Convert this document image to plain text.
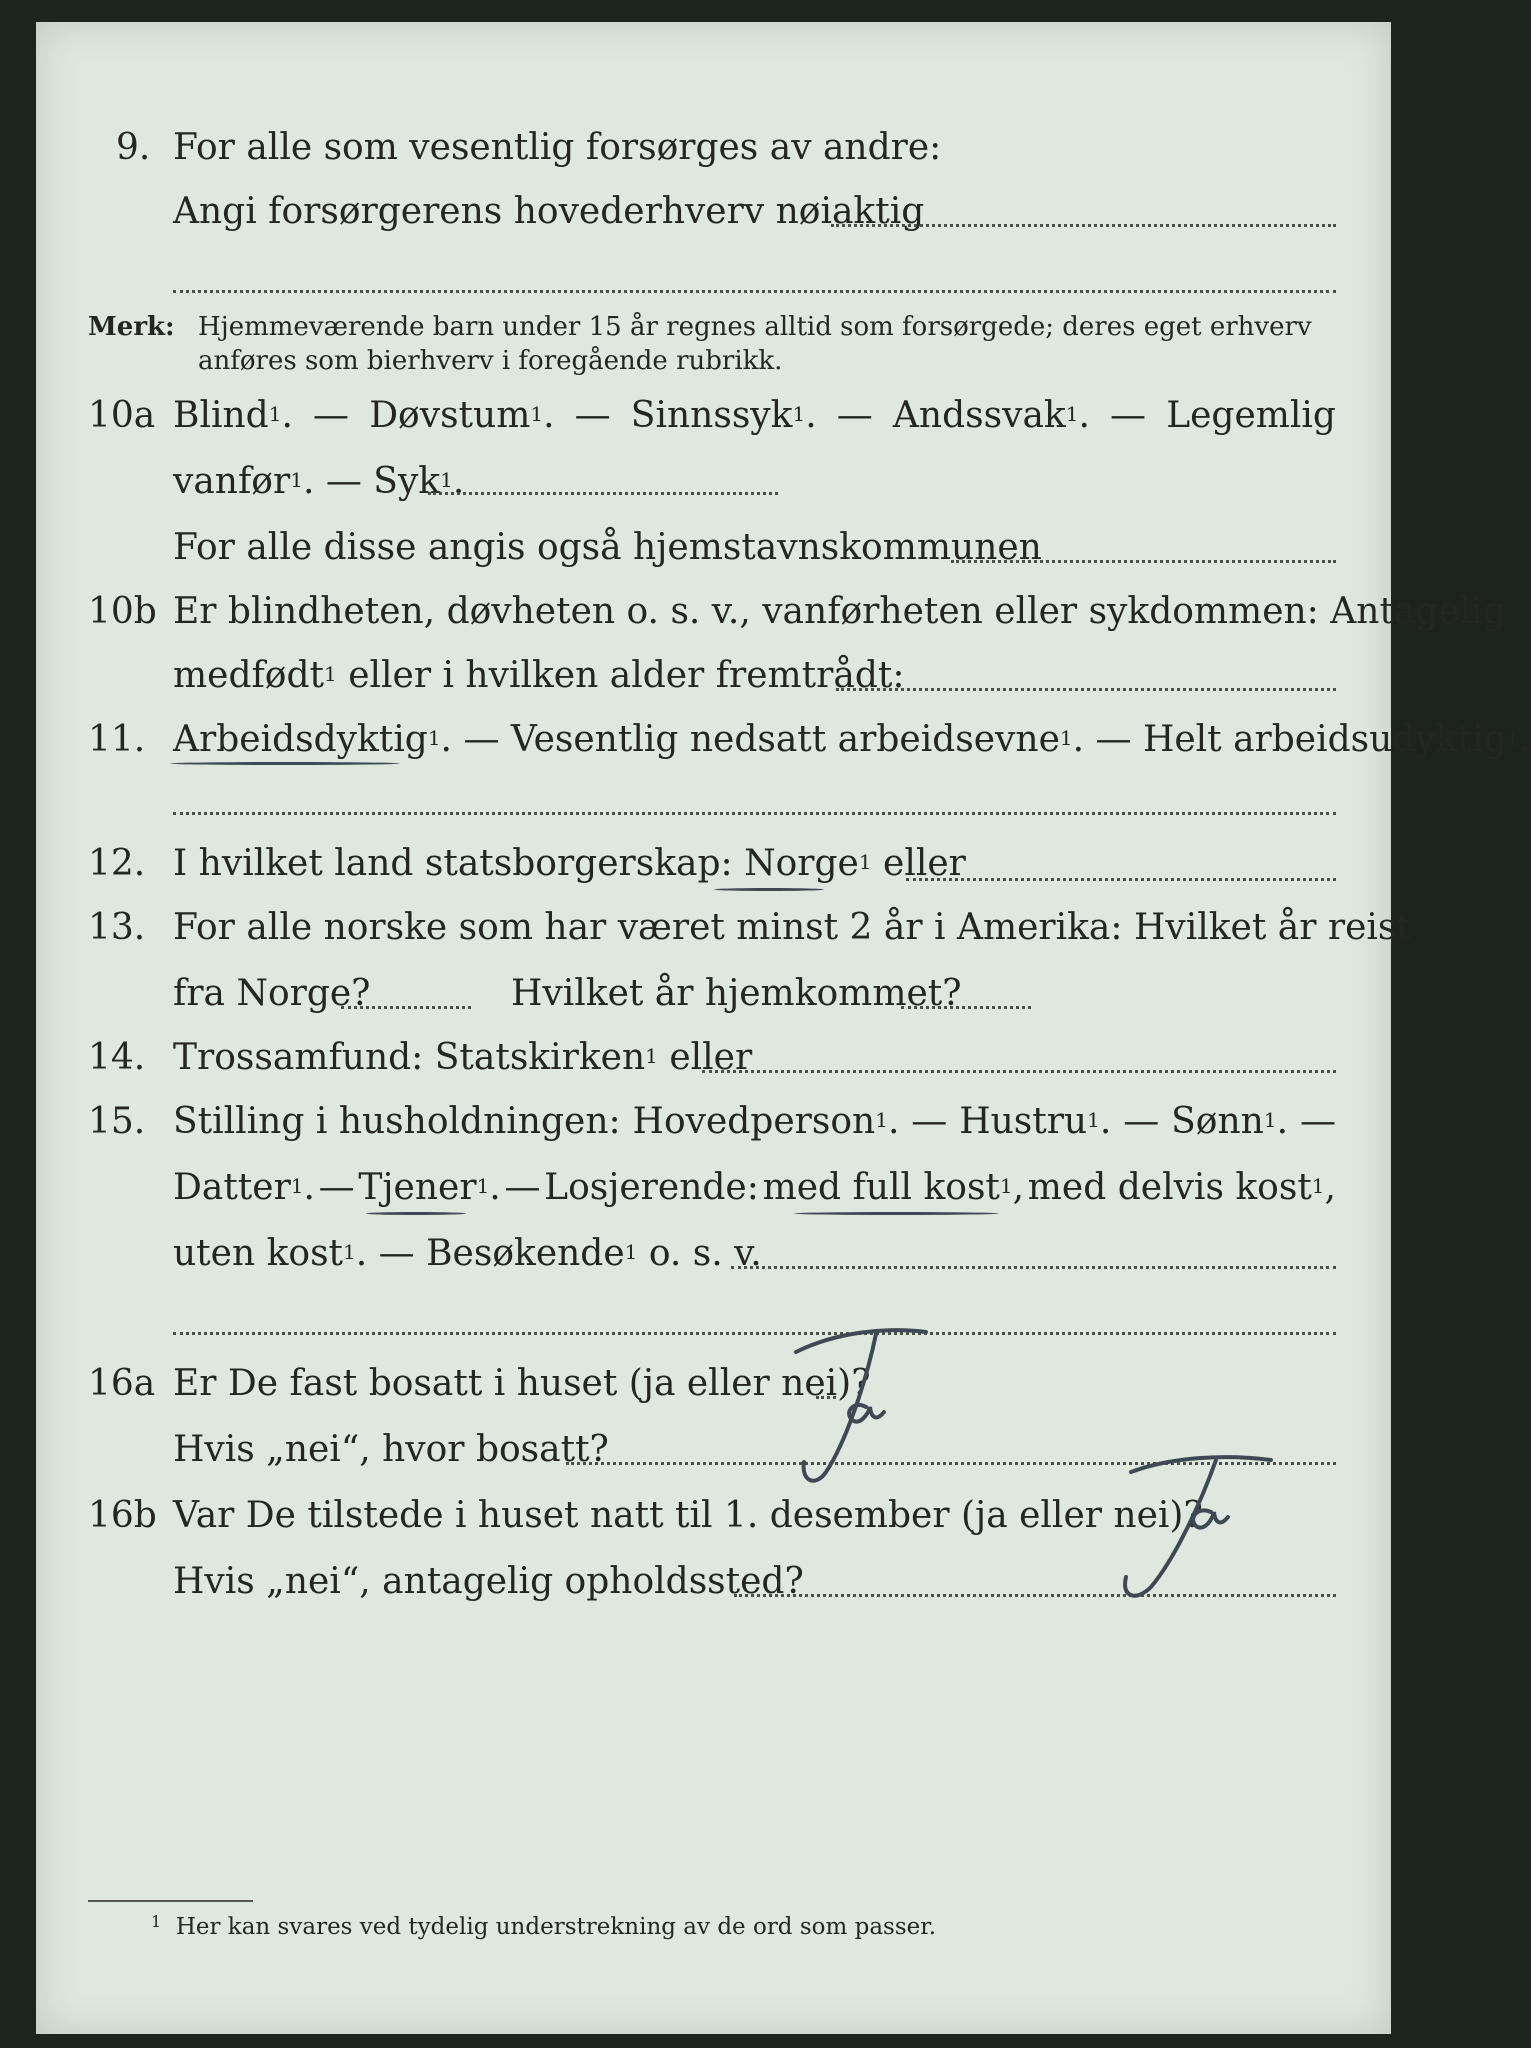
9. For alle som vesentlig forsørges av andre:
Angi forsørgerens hovederhverv nøiaktig
Merk: Hjemmeværende barn under 15 år regnes alltid som forsørgede; deres eget erhverv
anføres som bierhverv i foregående rubrikk.
10a Blind$^1$. — Døvstum$^1$. — Sinnssyk$^1$. — Andssvak$^1$. — Legemlig
vanfør$^1$. — Syk$^1$.
For alle disse angis også hjemstavnskommunen
10b Er blindheten, døvheten o. s. v., vanførheten eller sykdommen: Antagelig
medfødt$^1$ eller i hvilken alder fremtrådt:
11. Arbeidsdyktig$^1$. — Vesentlig nedsatt arbeidsevne$^1$. — Helt arbeidsudyktig$^1$.
12. I hvilket land statsborgerskap: Norge$^1$ eller
13. For alle norske som har været minst 2 år i Amerika: Hvilket år reist
fra Norge?	Hvilket år hjemkommet?
14. Trossamfund: Statskirken$^1$ eller
15. Stilling i husholdningen: Hovedperson$^1$. — Hustru$^1$. — Sønn$^1$. —
Datter$^1$. — Tjener$^1$. — Losjerende: med full kost$^1$, med delvis kost$^1$,
uten kost$^1$. — Besøkende$^1$ o. s. v.
16a Er De fast bosatt i huset (ja eller nei)?
Hvis „nei“, hvor bosatt?
Ja
16b Var De tilstede i huset natt til 1. desember (ja eller nei)?
Hvis „nei“, antagelig opholdssted?
Ja
$^1$ Her kan svares ved tydelig understrekning av de ord som passer.
